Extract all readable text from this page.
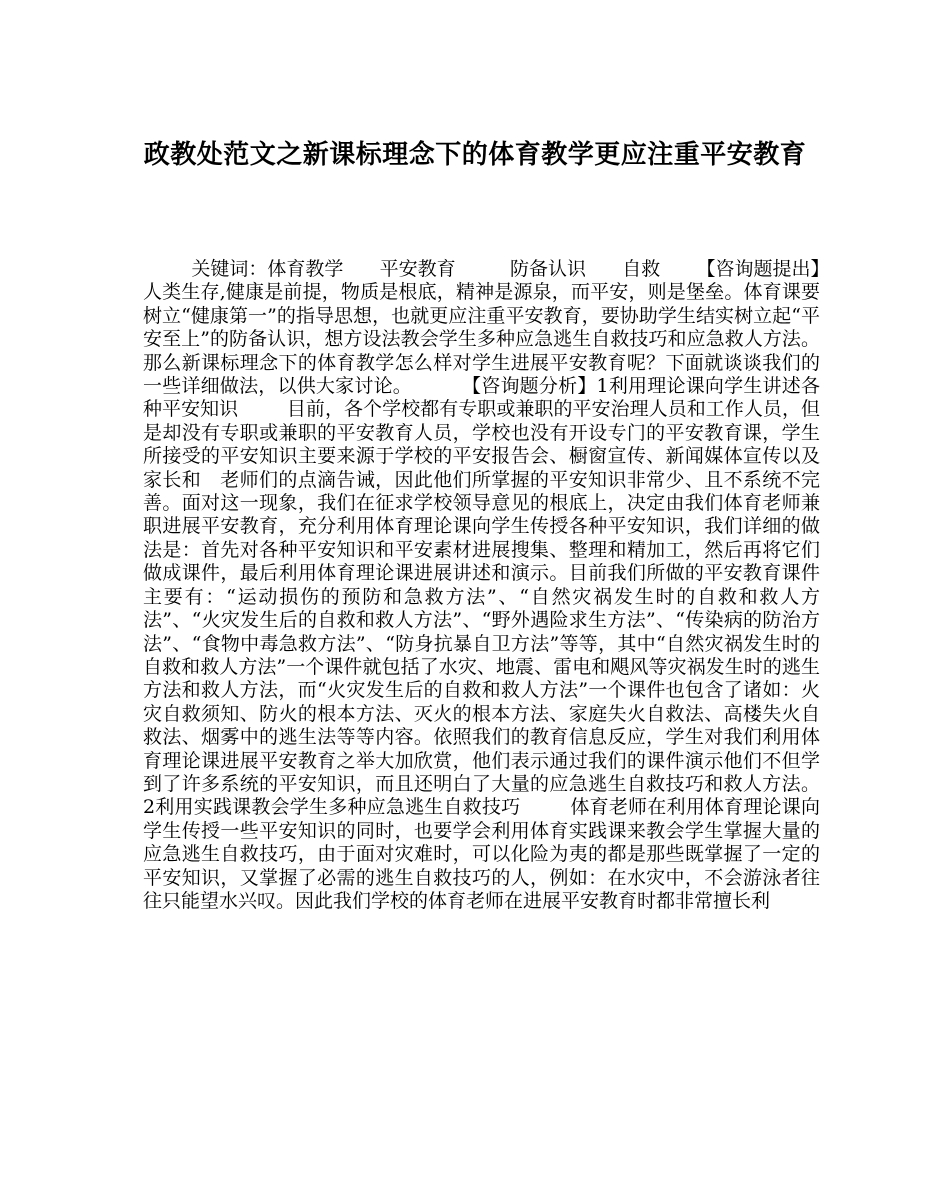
政教处范文之新课标理念下的体育教学更应注重平安教育

关键词：体育教学      平安教育         防备认识      自救      【咨询题提出】人类生存,健康是前提，物质是根底，精神是源泉，而平安，则是堡垒。体育课要树立“健康第一”的指导思想，也就更应注重平安教育，要协助学生结实树立起“平安至上”的防备认识，想方设法教会学生多种应急逃生自救技巧和应急救人方法。那么新课标理念下的体育教学怎么样对学生进展平安教育呢？下面就谈谈我们的一些详细做法，以供大家讨论。        【咨询题分析】1利用理论课向学生讲述各种平安知识        目前，各个学校都有专职或兼职的平安治理人员和工作人员，但是却没有专职或兼职的平安教育人员，学校也没有开设专门的平安教育课，学生所接受的平安知识主要来源于学校的平安报告会、橱窗宣传、新闻媒体宣传以及   家长和   老师们的点滴告诫，因此他们所掌握的平安知识非常少、且不系统不完善。面对这一现象，我们在征求学校领导意见的根底上，决定由我们体育老师兼职进展平安教育，充分利用体育理论课向学生传授各种平安知识，我们详细的做法是：首先对各种平安知识和平安素材进展搜集、整理和精加工，然后再将它们做成课件，最后利用体育理论课进展讲述和演示。目前我们所做的平安教育课件主要有：“运动损伤的预防和急救方法”、“自然灾祸发生时的自救和救人方法”、“火灾发生后的自救和救人方法”、“野外遇险求生方法”、“传染病的防治方法”、“食物中毒急救方法”、“防身抗暴自卫方法”等等，其中“自然灾祸发生时的自救和救人方法”一个课件就包括了水灾、地震、雷电和飓风等灾祸发生时的逃生方法和救人方法，而“火灾发生后的自救和救人方法”一个课件也包含了诸如：火灾自救须知、防火的根本方法、灭火的根本方法、家庭失火自救法、高楼失火自救法、烟雾中的逃生法等等内容。依照我们的教育信息反应，学生对我们利用体育理论课进展平安教育之举大加欣赏，他们表示通过我们的课件演示他们不但学到了许多系统的平安知识，而且还明白了大量的应急逃生自救技巧和救人方法。        2利用实践课教会学生多种应急逃生自救技巧        体育老师在利用体育理论课向学生传授一些平安知识的同时，也要学会利用体育实践课来教会学生掌握大量的应急逃生自救技巧，由于面对灾难时，可以化险为夷的都是那些既掌握了一定的平安知识，又掌握了必需的逃生自救技巧的人，例如：在水灾中，不会游泳者往往只能望水兴叹。因此我们学校的体育老师在进展平安教育时都非常擅长利
